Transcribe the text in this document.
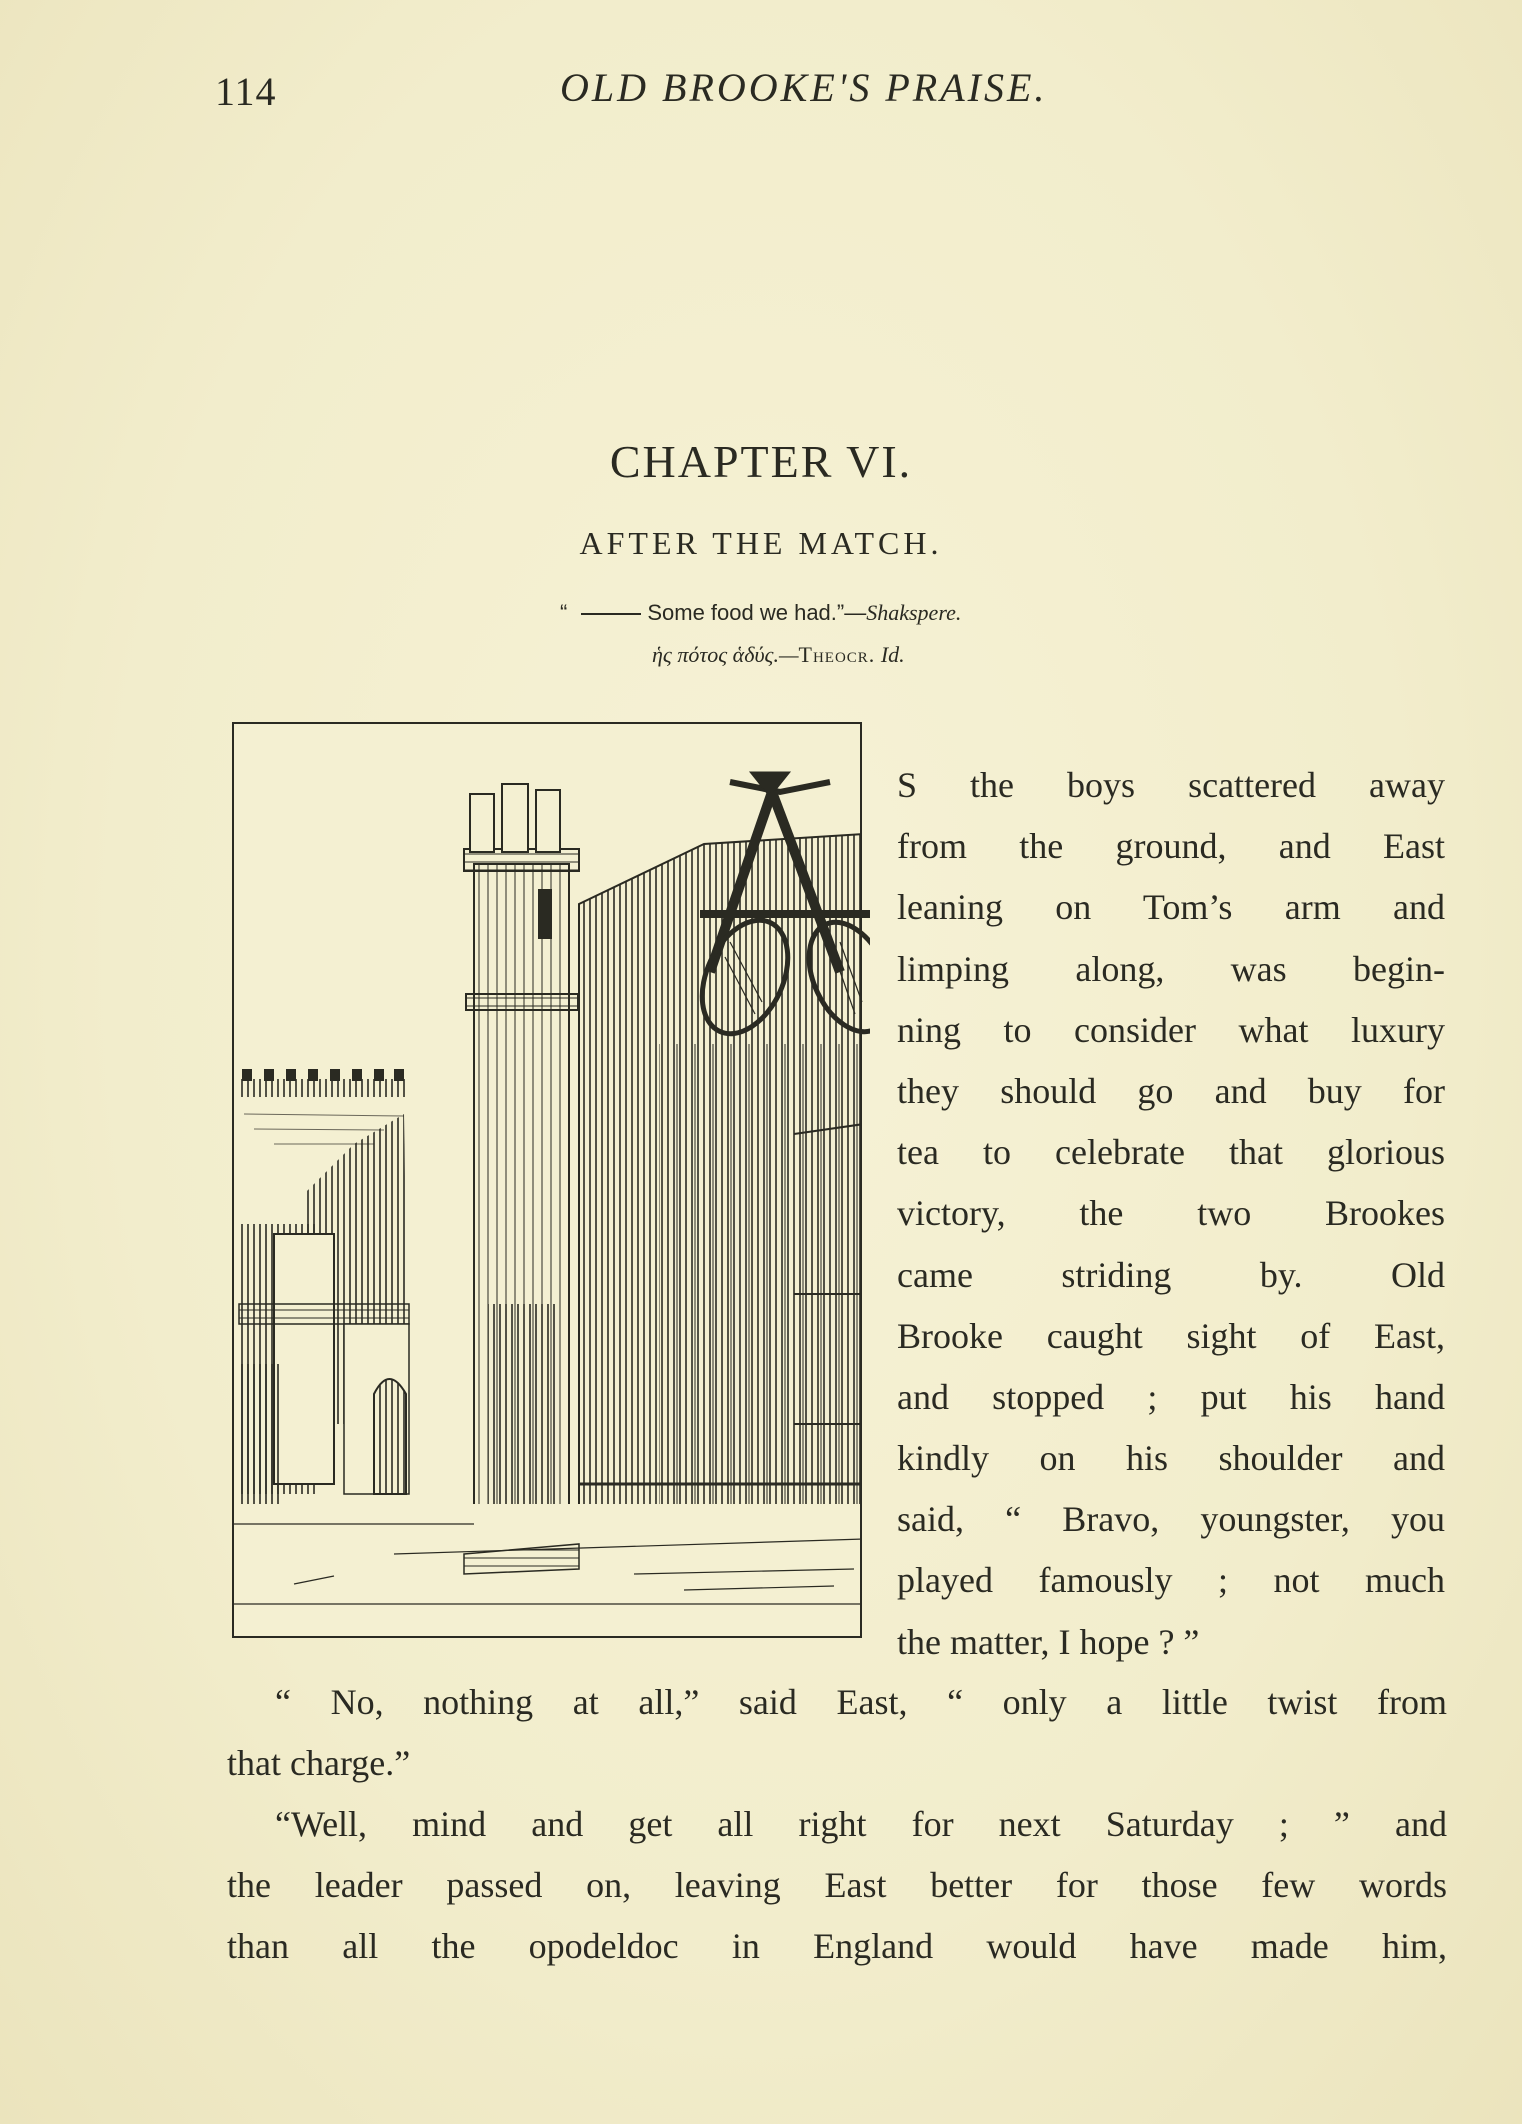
114	OLD BROOKE'S PRAISE.
CHAPTER VI.
AFTER THE MATCH.
“	Some food we had.”—Shakspere.
ἡς πότος ἁδύς.—Theocr. Id.
S the boys scattered away
from the ground, and East
leaning on Tom’s arm and
limping along, was begin-
ning to consider what luxury
they should go and buy for
tea to celebrate that glorious
victory, the two Brookes
came striding by. Old
Brooke caught sight of East,
and stopped ; put his hand
kindly on his shoulder and
said, “ Bravo, youngster, you
played famously ; not much
the matter, I hope ? ”
“ No, nothing at all,” said East, “ only a little twist from
that charge.”
“Well, mind and get all right for next Saturday ; ” and
the leader passed on, leaving East better for those few words
than all the opodeldoc in England would have made him,
